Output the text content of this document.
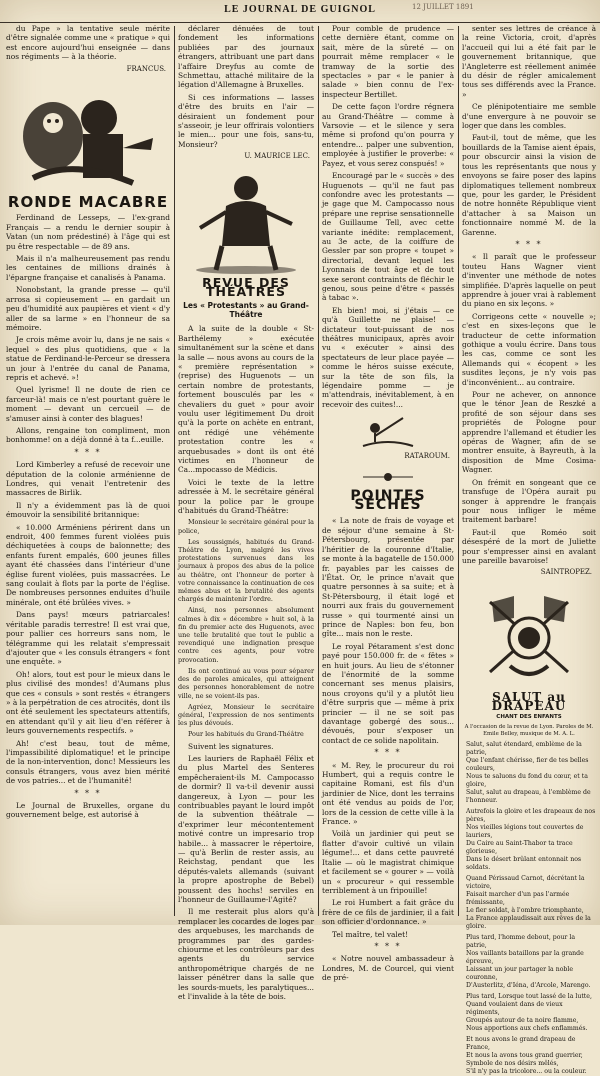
LE JOURNAL DE GUIGNOL	12 JUILLET 1891

du Pape » la tentative seule mérite d'être signalée comme une « pratique » qui est encore aujourd'hui enseignée — dans nos régiments — à la théorie.

FRANCUS.
RONDE MACABRE

Ferdinand de Lesseps, — l'ex-grand Français — a rendu le dernier soupir à Vatan (un nom prédestiné) à l'âge qui est pu être respectable — de 89 ans.

Mais il n'a malheureusement pas rendu les centaines de millions drainés à l'épargne française et canalisés à Panama.

Nonobstant, la grande presse — qu'il arrosa si copieusement — en gardait un peu d'humidité aux paupières et vient « d'y aller de sa larme » en l'honneur de sa mémoire.

Je crois même avoir lu, dans je ne sais « lequel » des plus quotidiens, que « la statue de Ferdinand-le-Perceur se dressera un jour à l'entrée du canal de Panama, repris et achevé. »!

Quel lyrisme! Il ne doute de rien ce farceur-là! mais ce n'est pourtant guère le moment — devant un cercueil — de s'amuser ainsi à conter des blagues!

Allons, rengaine ton compliment, mon bonhomme! on a déjà donné à ta f...euille.

* * *

Lord Kimberley a refusé de recevoir une députation de la colonie arménienne de Londres, qui venait l'entretenir des massacres de Birlik.

Il n'y a évidemment pas là de quoi émouvoir la sensibilité britannique:

« 10.000 Arméniens périrent dans un endroit, 400 femmes furent violées puis déchiquetées à coups de baïonnette; des enfants furent empalés, 600 jeunes filles ayant été chassées dans l'intérieur d'une église furent violées, puis massacrées. Le sang coulait à flots par la porte de l'église. De nombreuses personnes enduites d'huile minérale, ont été brûlées vives. »

Dans pays! mœurs patriarcales! véritable paradis terrestre! Il est vrai que, pour pallier ces horreurs sans nom, le télégramme qui les relatait s'empressait d'ajouter que « les consuls étrangers « font une enquête. »

Oh! alors, tout est pour le mieux dans le plus civilisé des mondes! d'Aumans plus que ces « consuls » sont restés « étrangers » à la perpétration de ces atrocités, dont ils ont été seulement les spectateurs attentifs, en attendant qu'il y ait lieu d'en référer à leurs gouvernements respectifs. »

Ah! c'est beau, tout de même, l'impassibilité diplomatique! et le principe de la non-intervention, donc! Messieurs les consuls étrangers, vous avez bien mérité de vos patries... et de l'humanité!

* * *

Le Journal de Bruxelles, organe du gouvernement belge, est autorisé à

déclarer dénuées de tout fondement les informations publiées par des journaux étrangers, attribuant une part dans l'affaire Dreyfus au comte de Schmettau, attaché militaire de la légation d'Allemagne à Bruxelles.

Si ces informations — lasses d'être des bruits en l'air — désiraient un fondement pour s'asseoir, je leur offrirais volontiers le mien... pour une fois, sans-tu, Monsieur?

U. MAURICE LEC.
REVUE DES THÉATRES
Les « Protestants » au Grand-Théâtre

A la suite de la double « St-Barthélemy » exécutée simultanément sur la scène et dans la salle — nous avons au cours de la « première représentation » (reprise) des Huguenots — un certain nombre de protestants, fortement bousculés par les « chevaliers du guet » pour avoir voulu user légitimement Du droit qu'à la porte on achète en entrant, ont rédigé une véhémente protestation contre les « arquebusades » dont ils ont été victimes en l'honneur de Ca...mpocasso de Médicis.

Voici le texte de la lettre adressée à M. le secrétaire général pour la police par le groupe d'habitués du Grand-Théâtre:

Monsieur le secrétaire général pour la police,

Les soussignés, habitués du Grand-Théâtre de Lyon, malgré les vives protestations survenues dans les journaux à propos des abus de la police au théâtre, ont l'honneur de porter à votre connaissance la continuation de ces mêmes abus et la brutalité des agents chargés de maintenir l'ordre.

Ainsi, nos personnes absolument calmes à dix « décembre » huit sol, à la fin du premier acte des Huguenots, avec une telle brutalité que tout le public a revendiqué une indignation presque contre ces agents, pour votre provocation.

Ils ont continué au vous pour séparer des de paroles amicales, qui atteignent des personnes honorablement de notre ville, ne se voient-ils pas.

Agréez, Monsieur le secrétaire général, l'expression de nos sentiments les plus dévoués.

Pour les habitués du Grand-Théâtre

Suivent les signatures.

Les lauriers de Raphaël Félix et du plus Martel des Senteres empêcheraient-ils M. Campocasso de dormir? Il va-t-il devenir aussi dangereux, à Lyon — pour les contribuables payant le lourd impôt de la subvention théâtrale — d'exprimer leur mécontentement motivé contre un impresario trop habile... à massacrer le répertoire, — qu'à Berlin de rester assis, au Reichstag, pendant que les députés-valets allemands (suivant la propre apostrophe de Bebel) poussent des hochs! serviles en l'honneur de Guillaume-l'Agité?

Il me resterait plus alors qu'à remplacer les cocardes de loges par des arquebuses, les marchands de programmes par des gardes-chiourme et les contrôleurs par des agents du service anthropométrique chargés de ne laisser pénétrer dans la salle que les sourds-muets, les paralytiques... et l'invalide à la tête de bois.

Pour comble de prudence — cette dernière étant, comme on sait, mère de la sûreté — on pourrait même remplacer « le tramway de la sortie des spectacles » par « le panier à salade » bien connu de l'ex-inspecteur Bertillet.

De cette façon l'ordre régnera au Grand-Théâtre — comme à Varsovie — et le silence y sera même si profond qu'on pourra y entendre... palper une subvention, employée à justifier le proverbe: « Payez, et vous serez conspués! »

Encouragé par le « succès » des Huguenots — qu'il ne faut pas confondre avec les protestants — je gage que M. Campocasso nous prépare une reprise sensationnelle de Guillaume Tell, avec cette variante inédite: remplacement, au 3e acte, de la coiffure de Gessler par son propre « toupet » directorial, devant lequel les Lyonnais de tout âge et de tout sexe seront contraints de fléchir le genou, sous peine d'être « passés à tabac ».

Eh bien! moi, si j'étais — ce qu'à Guillette ne plaise! — dictateur tout-puissant de nos théâtres municipaux, après avoir vu « exécuter » ainsi des spectateurs de leur place payée — comme le héros suisse exécute, sur la tête de son fils, la légendaire pomme — je m'attendrais, inévitablement, à en recevoir des cuites!...

RATAROUM.
POINTES SÈCHES

« La note de frais de voyage et de séjour d'une semaine à St-Pétersbourg, présentée par l'héritier de la couronne d'Italie, se monte à la bagatelle de 150.000 fr. payables par les caisses de l'État. Or, le prince n'avait que quatre personnes à sa suite; et à St-Pétersbourg, il était logé et nourri aux frais du gouvernement russe » qui tourmenté ainsi un prince de Naples: bon feu, bon gîte... mais non le reste.

Le royal Pétarament s'est donc payé pour 150.000 fr. de « fêtes » en huit jours. Au lieu de s'étonner de l'énormité de la somme concernant ses menus plaisirs, nous croyons qu'il y a plutôt lieu d'être surpris que — même à prix princier — il ne se soit pas davantage gobergé des sous... dévoués, pour s'exposer un contact de ce solide napolitain.

* * *

« M. Rey, le procureur du roi Humbert, qui a requis contre le capitaine Romani, est fils d'un jardinier de Nice, dont les terrains ont été vendus au poids de l'or, lors de la cession de cette ville à la France. »

Voilà un jardinier qui peut se flatter d'avoir cultivé un vilain légume!... et dans cette pauvreté Italie — où le magistrat chimique et facilement se « gourer » — voilà un « procureur » qui ressemble terriblement à un fripouille!

Le roi Humbert a fait grâce du frère de ce fils de jardinier, il a fait son officier d'ordonnance. »

Tel maître, tel valet!

* * *

« Notre nouvel ambassadeur à Londres, M. de Courcel, qui vient de pré-

senter ses lettres de créance à la reine Victoria, croit, d'après l'accueil qui lui a été fait par le gouvernement britannique, que l'Angleterre est réellement animée du désir de régler amicalement tous ses différends avec la France. »

Ce plénipotentiaire me semble d'une envergure à ne pouvoir se loger que dans les combles.

Faut-il, tout de même, que les bouillards de la Tamise aient épais, pour obscurcir ainsi la vision de tous les représentants que nous y envoyons se faire poser des lapins diplomatiques tellement nombreux que, pour les garder, le Président de notre honnête République vient d'attacher à sa Maison un fonctionnaire nommé M. de la Garenne.

* * *

« Il paraît que le professeur touteu Hans Wagner vient d'inventer une méthode de notes simplifiée. D'après laquelle on peut apprendre à jouer vrai à rablement du piano en six leçons. »

Corrigeons cette « nouvelle »; c'est en sixes-leçons que le traducteur de cette information gothique a voulu écrire. Dans tous les cas, comme ce sont les Allemands qui « écopent » les susdites leçons, je n'y vois pas d'inconvénient... au contraire.

Pour ne achever, on annonce que le ténor Jean de Reszké a profité de son séjour dans ses propriétés de Pologne pour apprendre l'allemand et étudier les opéras de Wagner, afin de se montrer ensuite, à Bayreuth, à la disposition de Mme Cosima-Wagner.

On frémit en songeant que ce transfuge de l'Opéra aurait pu songer à apprendre le français pour nous infliger le même traitement barbare!

Faut-il que Roméo soit désespéré de la mort de Juliette pour s'empresser ainsi en avalant une pareille bavaroise!

SAINTROPEZ.
SALUT au DRAPEAU
CHANT DES ENFANTS
A l'occasion de la revue de Lyon. Paroles de M. Emile Belley, musique de M. A. L.

Salut, salut étendard, emblème de la patrie,

Que l'enfant chérisse, fier de tes belles couleurs,

Nous te saluons du fond du cœur, et ta gloire,

Salut, salut au drapeau, à l'emblème de l'honneur.

Autrefois la gloire et les drapeaux de nos pères,

Nos vieilles légions tout couvertes de lauriers,

Du Caire au Saint-Thabor ta trace glorieuse,

Dans le désert brûlant entonnait nos soldats.

Quand Périssaud Carnot, décrétant la victoire,

Faisait marcher d'un pas l'armée frémissante,

Le fier soldat, à l'ombre triomphante,

La France applaudissait aux rêves de la gloire.

Plus tard, l'homme debout, pour la patrie,

Nos vaillants bataillons par la grande épreuve,

Laissant un jour partager la noble couronne,

D'Austerlitz, d'Iéna, d'Arcole, Marengo.

Plus tard, Lorsque tout lassé de la lutte,

Quand voulaient dans de vieux régiments,

Groupés autour de ta noire flamme,

Nous apportions aux chefs enflammés.

Et nous avons le grand drapeau de France,

Et nous la avons tous grand guerrier,

Symbole de nos désirs mêlés,

S'il n'y pas la tricolore... ou la couleur.
